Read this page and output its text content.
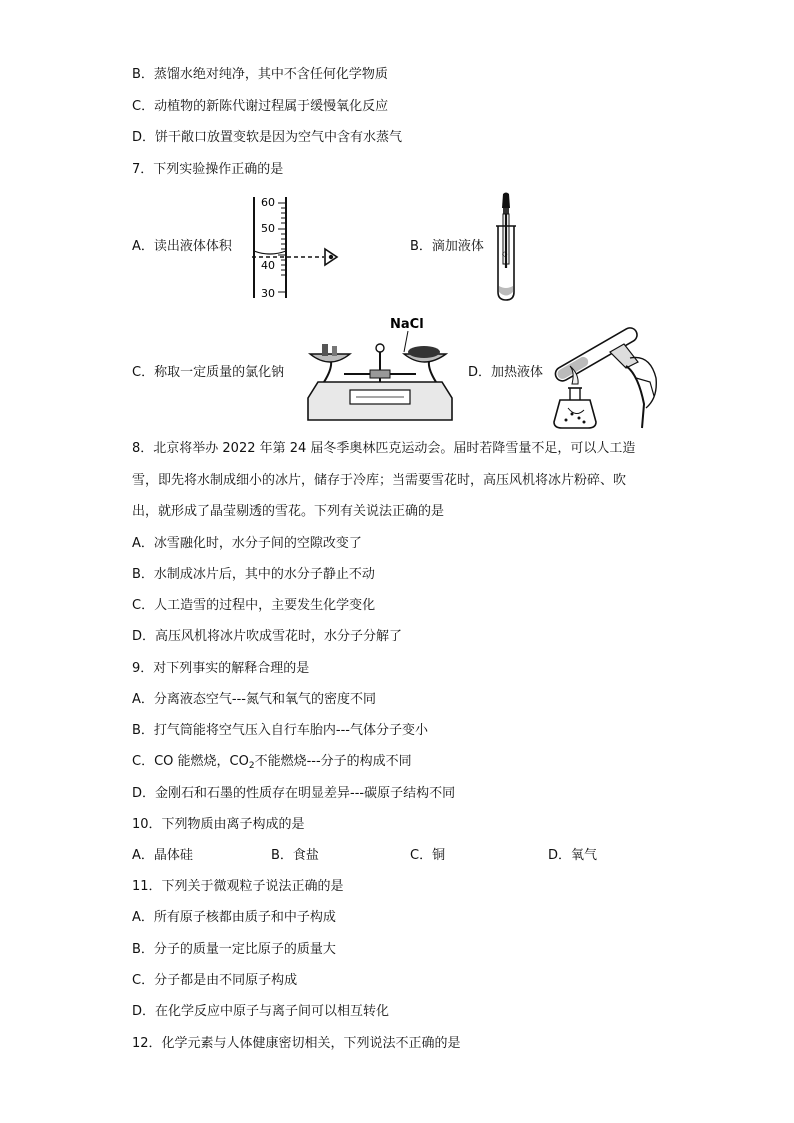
B．蒸馏水绝对纯净，其中不含任何化学物质
C．动植物的新陈代谢过程属于缓慢氧化反应
D．饼干敞口放置变软是因为空气中含有水蒸气
7．下列实验操作正确的是
A．读出液体体积
60
50
40
30
B．滴加液体	◇
C．称取一定质量的氯化钠
NaCl
D．加热液体
8．北京将举办 2022 年第 24 届冬季奥林匹克运动会。届时若降雪量不足，可以人工造
雪，即先将水制成细小的冰片，储存于冷库；当需要雪花时，高压风机将冰片粉碎、吹
出，就形成了晶莹剔透的雪花。下列有关说法正确的是
A．冰雪融化时，水分子间的空隙改变了
B．水制成冰片后，其中的水分子静止不动
C．人工造雪的过程中，主要发生化学变化
D．高压风机将冰片吹成雪花时，水分子分解了
9．对下列事实的解释合理的是
A．分离液态空气---氮气和氧气的密度不同
B．打气筒能将空气压入自行车胎内---气体分子变小
C．CO 能燃烧，$CO_2$不能燃烧---分子的构成不同
D．金刚石和石墨的性质存在明显差异---碳原子结构不同
10．下列物质由离子构成的是
A．晶体硅	B．食盐	C．铜	D．氧气
11．下列关于微观粒子说法正确的是
A．所有原子核都由质子和中子构成
B．分子的质量一定比原子的质量大
C．分子都是由不同原子构成
D．在化学反应中原子与离子间可以相互转化
12．化学元素与人体健康密切相关，下列说法不正确的是
